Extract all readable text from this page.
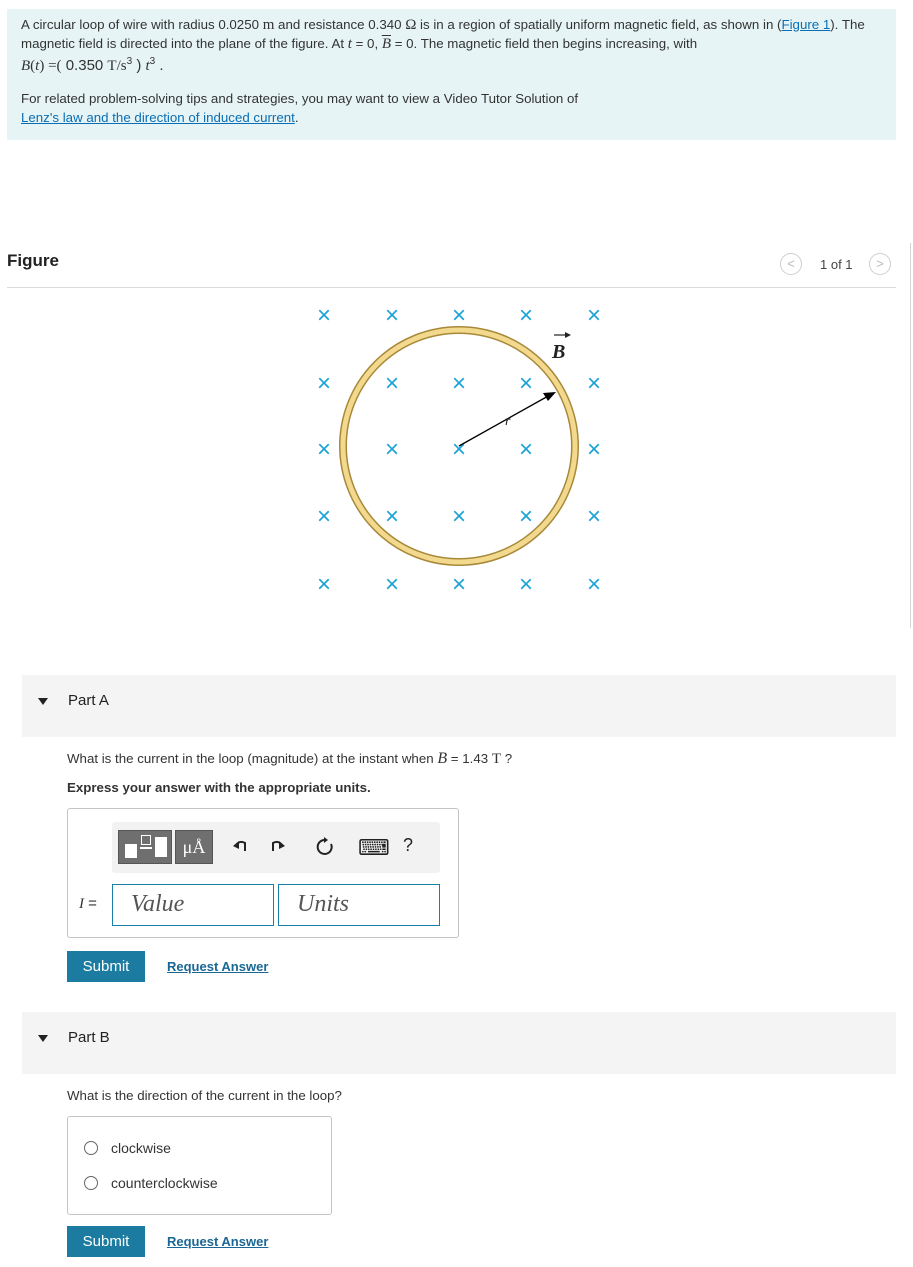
A circular loop of wire with radius 0.0250 m and resistance 0.340 Ω is in a region of spatially uniform magnetic field, as shown in (Figure 1). The magnetic field is directed into the plane of the figure. At t = 0, $\overline{B} = 0$. The magnetic field then begins increasing, with
B(t) =( 0.350 $T/s^3$ ) $t^3$ .
For related problem-solving tips and strategies, you may want to view a Video Tutor Solution of
Lenz's law and the direction of induced current.
Figure	<	1 of 1	>
× × × × ×
× × × × ×
× × × × ×
× × × × ×
× × × × ×
r
B
Part A
What is the current in the loop (magnitude) at the instant when B = 1.43 T ?
Express your answer with the appropriate units.
μÅ	⌨ ?
I = Value	Units
Submit	Request Answer
Part B
What is the direction of the current in the loop?
clockwise
counterclockwise
Submit	Request Answer
